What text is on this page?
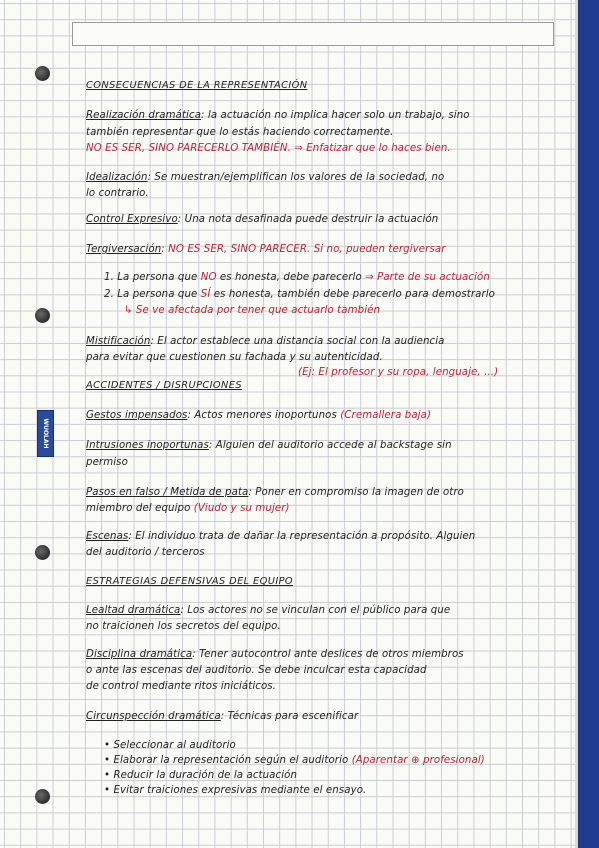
WUOLAH
CONSECUENCIAS DE LA REPRESENTACIÓN
Realización dramática: la actuación no implica hacer solo un trabajo, sino
también representar que lo estás haciendo correctamente.
NO ES SER, SINO PARECERLO TAMBIÉN. ⇒ Enfatizar que lo haces bien.
Idealización: Se muestran/ejemplifican los valores de la sociedad, no
lo contrario.
Control Expresivo: Una nota desafinada puede destruir la actuación
Tergiversación: NO ES SER, SINO PARECER. Si no, pueden tergiversar
1. La persona que NO es honesta, debe parecerlo ⇒ Parte de su actuación
2. La persona que SÍ es honesta, también debe parecerlo para demostrarlo
↳ Se ve afectada por tener que actuarlo también
Mistificación: El actor establece una distancia social con la audiencia
para evitar que cuestionen su fachada y su autenticidad.
(Ej: El profesor y su ropa, lenguaje, ...)
ACCIDENTES / DISRUPCIONES
Gestos impensados: Actos menores inoportunos (Cremallera baja)
Intrusiones inoportunas: Alguien del auditorio accede al backstage sin
permiso
Pasos en falso / Metida de pata: Poner en compromiso la imagen de otro
miembro del equipo (Viudo y su mujer)
Escenas: El individuo trata de dañar la representación a propósito. Alguien
del auditorio / terceros
ESTRATEGIAS DEFENSIVAS DEL EQUIPO
Lealtad dramática: Los actores no se vinculan con el público para que
no traicionen los secretos del equipo.
Disciplina dramática: Tener autocontrol ante deslices de otros miembros
o ante las escenas del auditorio. Se debe inculcar esta capacidad
de control mediante ritos iniciáticos.
Circunspección dramática: Técnicas para escenificar
• Seleccionar al auditorio
• Elaborar la representación según el auditorio (Aparentar ⊕ profesional)
• Reducir la duración de la actuación
• Evitar traiciones expresivas mediante el ensayo.
